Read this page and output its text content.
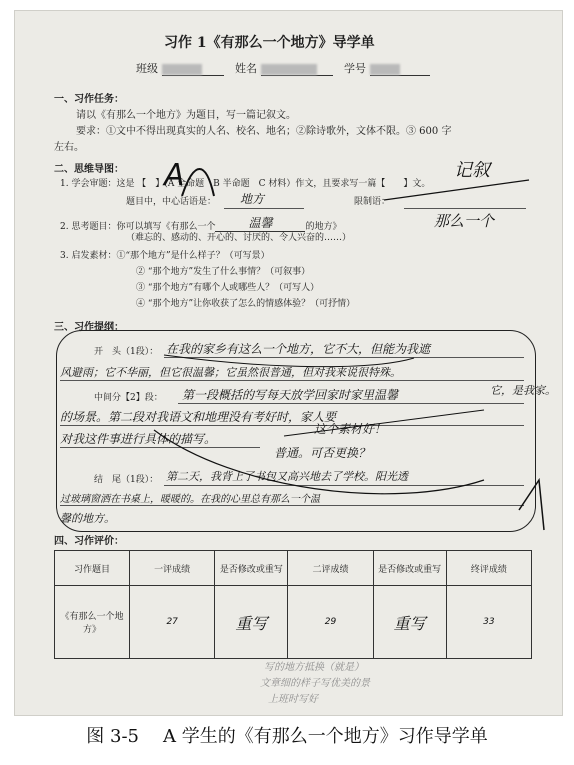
习作 1《有那么一个地方》导学单
班级	姓名	学号
一、习作任务：
请以《有那么一个地方》为题目，写一篇记叙文。
要求：①文中不得出现真实的人名、校名、地名；②除诗歌外，文体不限。③ 600 字
左右。
二、思维导图：
1. 学会审题：这是 【　】(A 全命题　B 半命题　C 材料）作文，且要求写一篇【　　】文。
A	记叙
题目中，中心话语是： 地方	限制语：
那么一个
2. 思考题目：你可以填写《有那么一个	温馨	的地方》
（难忘的、感动的、开心的、讨厌的、令人兴奋的……）
3. 启发素材：①“那个地方”是什么样子？（可写景）
② “那个地方”发生了什么事情？（可叙事）
③ “那个地方”有哪个人或哪些人？（可写人）
④ “那个地方”让你收获了怎么的情感体验？（可抒情）
三、习作提纲：
开　头（1段）： 在我的家乡有这么一个地方，它不大，但能为我遮
风避雨；它不华丽，但它很温馨；它虽然很普通，但对我来说很特殊。
中间分【2】段： 第一段概括的写每天放学回家时家里温馨	它，是我家。
的场景。第二段对我语文和地理没有考好时，家人要
对我这件事进行具体的描写。
这个素材好！
普通。可否更换？
结　尾（1段）： 第二天，我背上了书包又高兴地去了学校。阳光透
过玻璃窗洒在书桌上，暖暖的。在我的心里总有那么一个温
馨的地方。
四、习作评价：
习作题目	一评成绩	是否修改或重写	二评成绩	是否修改或重写	终评成绩
《有那么一个地方》	27	重写	29	重写	33
写的地方抵换（就是）
文章细的样子写优美的景
上班时写好
图 3-5 A 学生的《有那么一个地方》习作导学单
